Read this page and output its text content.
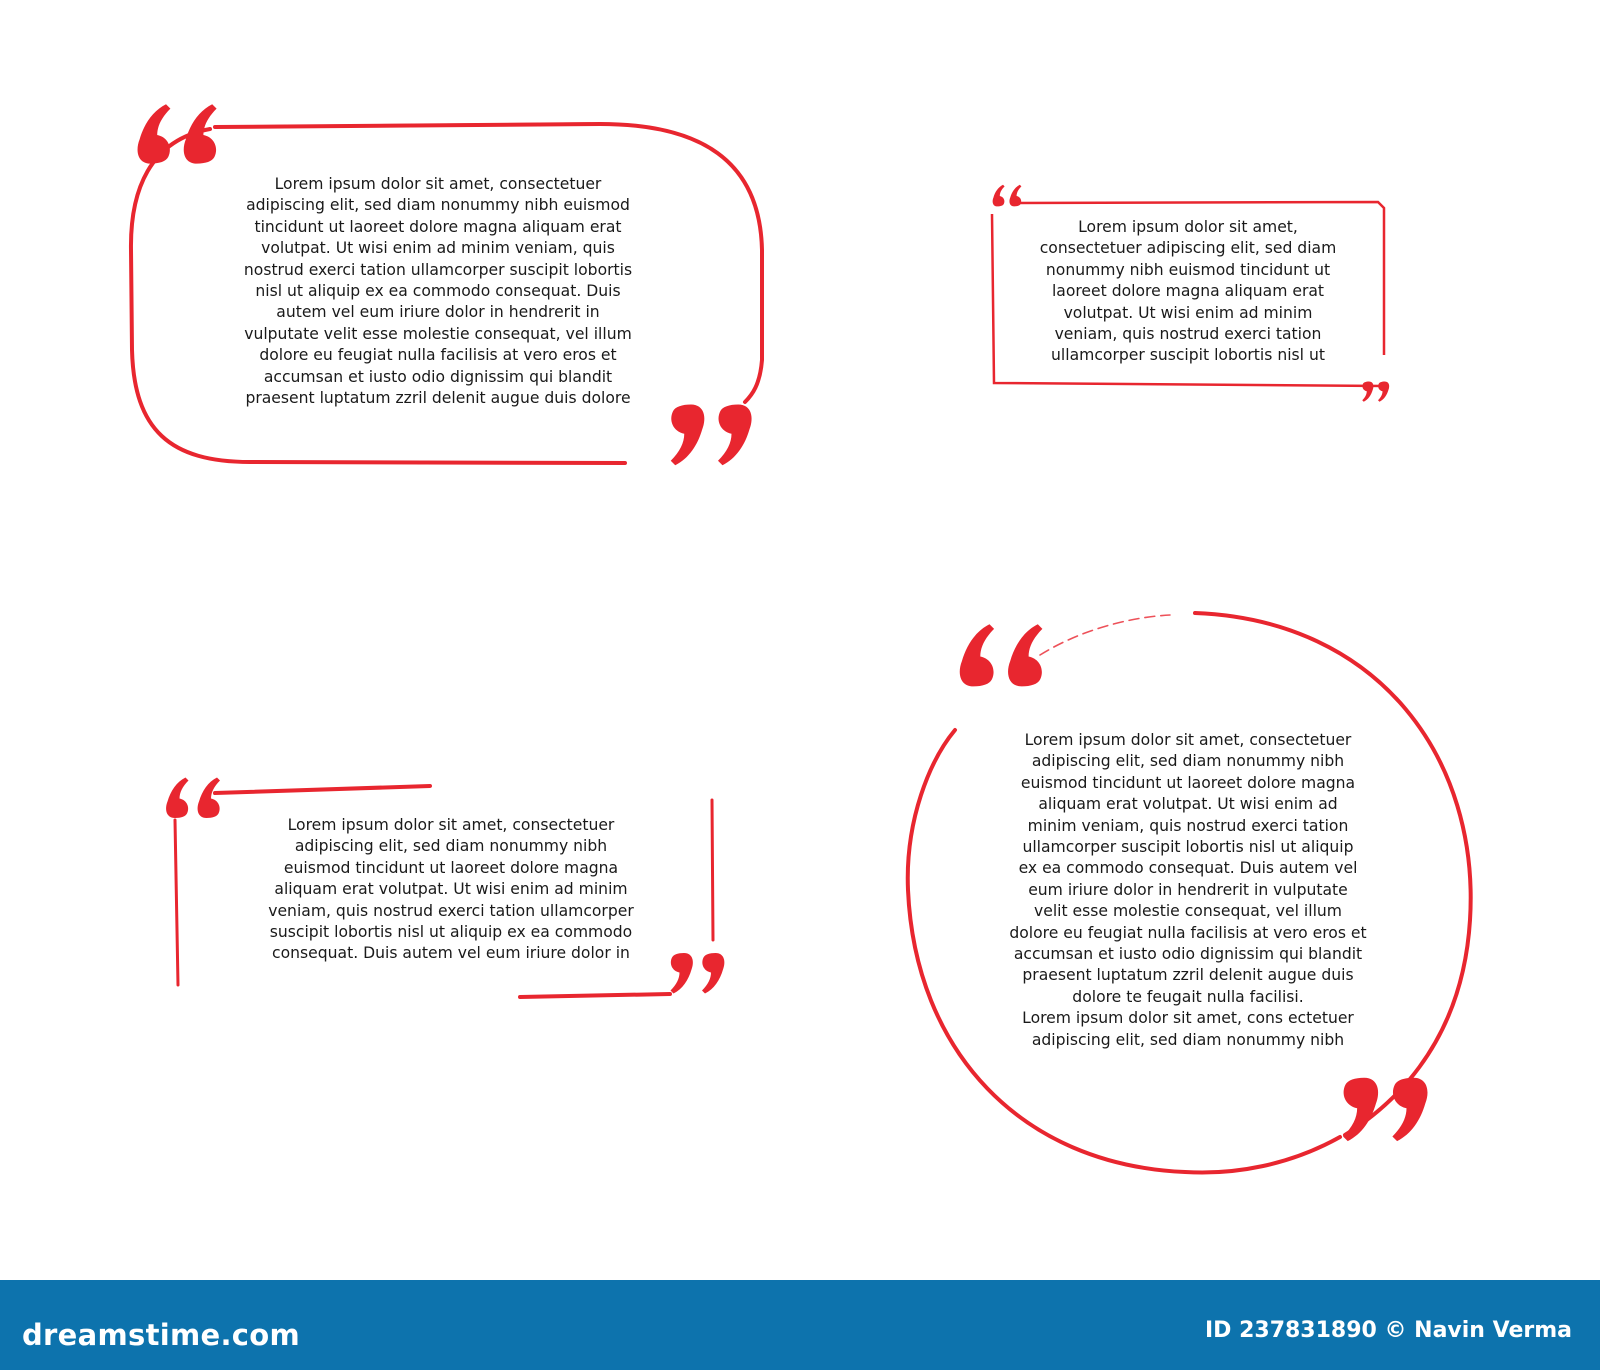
Lorem ipsum dolor sit amet, consectetuer
adipiscing elit, sed diam nonummy nibh euismod
tincidunt ut laoreet dolore magna aliquam erat
volutpat. Ut wisi enim ad minim veniam, quis
nostrud exerci tation ullamcorper suscipit lobortis
nisl ut aliquip ex ea commodo consequat. Duis
autem vel eum iriure dolor in hendrerit in
vulputate velit esse molestie consequat, vel illum
dolore eu feugiat nulla facilisis at vero eros et
accumsan et iusto odio dignissim qui blandit
praesent luptatum zzril delenit augue duis dolore

Lorem ipsum dolor sit amet,
consectetuer adipiscing elit, sed diam
nonummy nibh euismod tincidunt ut
laoreet dolore magna aliquam erat
volutpat. Ut wisi enim ad minim
veniam, quis nostrud exerci tation
ullamcorper suscipit lobortis nisl ut

Lorem ipsum dolor sit amet, consectetuer
adipiscing elit, sed diam nonummy nibh
euismod tincidunt ut laoreet dolore magna
aliquam erat volutpat. Ut wisi enim ad minim
veniam, quis nostrud exerci tation ullamcorper
suscipit lobortis nisl ut aliquip ex ea commodo
consequat. Duis autem vel eum iriure dolor in

Lorem ipsum dolor sit amet, consectetuer
adipiscing elit, sed diam nonummy nibh
euismod tincidunt ut laoreet dolore magna
aliquam erat volutpat. Ut wisi enim ad
minim veniam, quis nostrud exerci tation
ullamcorper suscipit lobortis nisl ut aliquip
ex ea commodo consequat. Duis autem vel
eum iriure dolor in hendrerit in vulputate
velit esse molestie consequat, vel illum
dolore eu feugiat nulla facilisis at vero eros et
accumsan et iusto odio dignissim qui blandit
praesent luptatum zzril delenit augue duis
dolore te feugait nulla facilisi.
Lorem ipsum dolor sit amet, cons ectetuer
adipiscing elit, sed diam nonummy nibh

dreamstime.com	ID 237831890 © Navin Verma
